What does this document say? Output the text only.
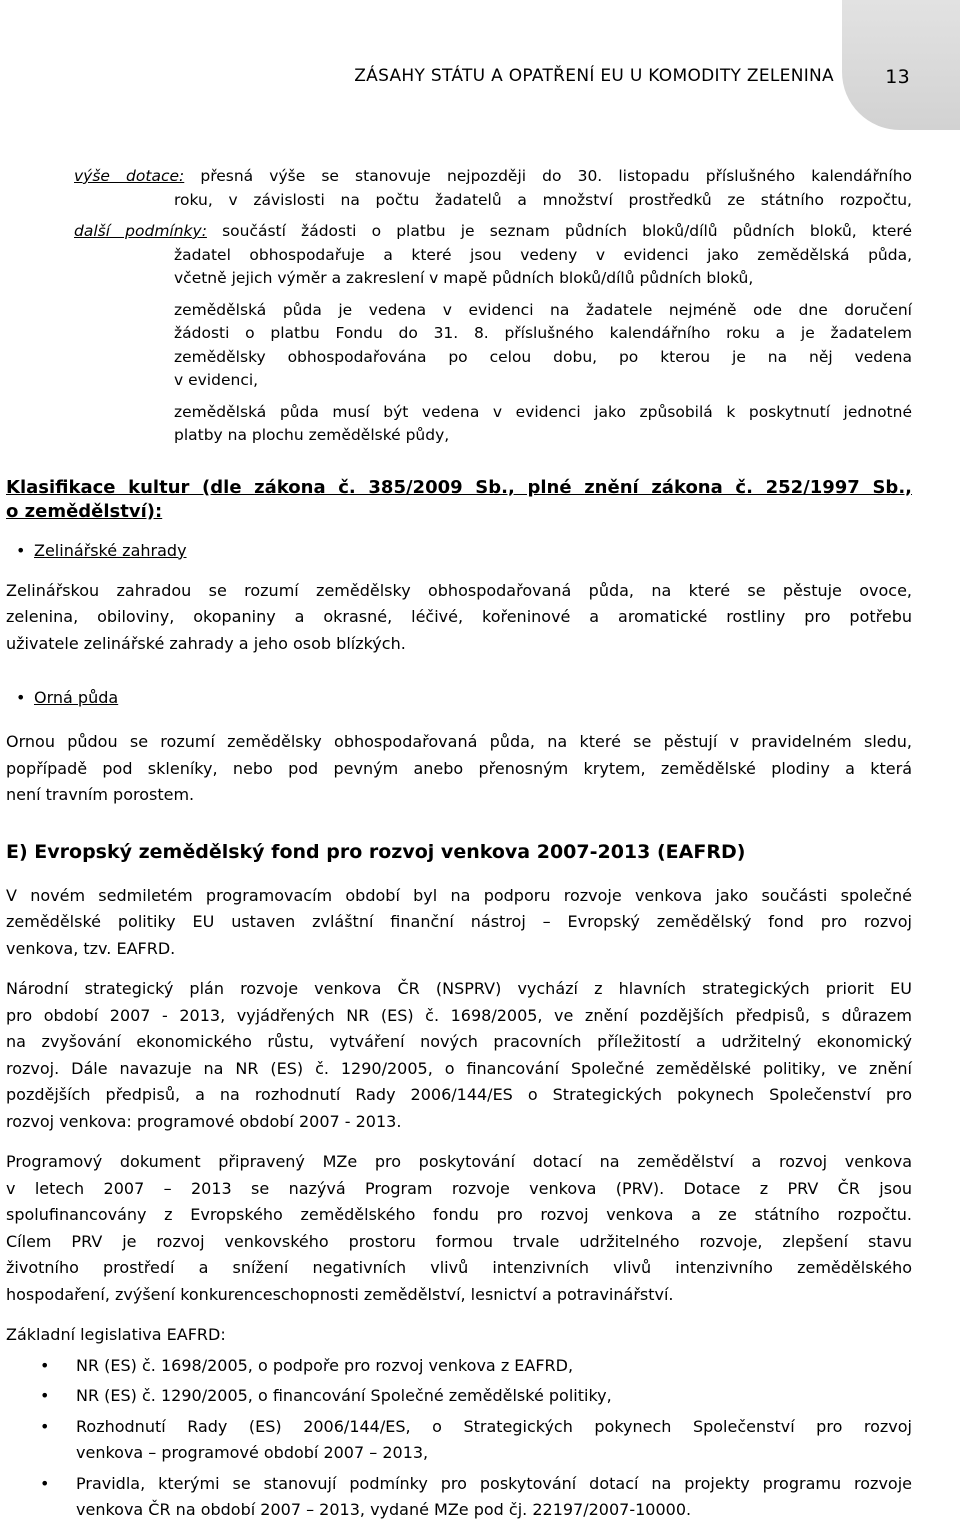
ZÁSAHY STÁTU A OPATŘENÍ EU U KOMODITY ZELENINA	13
výše dotace: přesná výše se stanovuje nejpozději do 30. listopadu příslušného kalendářního
roku, v závislosti na počtu žadatelů a množství prostředků ze státního rozpočtu,
další podmínky: součástí žádosti o platbu je seznam půdních bloků/dílů půdních bloků, které
žadatel obhospodařuje a které jsou vedeny v evidenci jako zemědělská půda,
včetně jejich výměr a zakreslení v mapě půdních bloků/dílů půdních bloků,
zemědělská půda je vedena v evidenci na žadatele nejméně ode dne doručení
žádosti o platbu Fondu do 31. 8. příslušného kalendářního roku a je žadatelem
zemědělsky obhospodařována po celou dobu, po kterou je na něj vedena
v evidenci,
zemědělská půda musí být vedena v evidenci jako způsobilá k poskytnutí jednotné
platby na plochu zemědělské půdy,
Klasifikace kultur (dle zákona č. 385/2009 Sb., plné znění zákona č. 252/1997 Sb.,
o zemědělství):
• Zelinářské zahrady
Zelinářskou zahradou se rozumí zemědělsky obhospodařovaná půda, na které se pěstuje ovoce,
zelenina, obiloviny, okopaniny a okrasné, léčivé, kořeninové a aromatické rostliny pro potřebu
uživatele zelinářské zahrady a jeho osob blízkých.
• Orná půda
Ornou půdou se rozumí zemědělsky obhospodařovaná půda, na které se pěstují v pravidelném sledu,
popřípadě pod skleníky, nebo pod pevným anebo přenosným krytem, zemědělské plodiny a která
není travním porostem.
E) Evropský zemědělský fond pro rozvoj venkova 2007-2013 (EAFRD)
V novém sedmiletém programovacím období byl na podporu rozvoje venkova jako součásti společné
zemědělské politiky EU ustaven zvláštní finanční nástroj – Evropský zemědělský fond pro rozvoj
venkova, tzv. EAFRD.
Národní strategický plán rozvoje venkova ČR (NSPRV) vychází z hlavních strategických priorit EU
pro období 2007 - 2013, vyjádřených NR (ES) č. 1698/2005, ve znění pozdějších předpisů, s důrazem
na zvyšování ekonomického růstu, vytváření nových pracovních příležitostí a udržitelný ekonomický
rozvoj. Dále navazuje na NR (ES) č. 1290/2005, o financování Společné zemědělské politiky, ve znění
pozdějších předpisů, a na rozhodnutí Rady 2006/144/ES o Strategických pokynech Společenství pro
rozvoj venkova: programové období 2007 - 2013.
Programový dokument připravený MZe pro poskytování dotací na zemědělství a rozvoj venkova
v letech 2007 – 2013 se nazývá Program rozvoje venkova (PRV). Dotace z PRV ČR jsou
spolufinancovány z Evropského zemědělského fondu pro rozvoj venkova a ze státního rozpočtu.
Cílem PRV je rozvoj venkovského prostoru formou trvale udržitelného rozvoje, zlepšení stavu
životního prostředí a snížení negativních vlivů intenzivních vlivů intenzivního zemědělského
hospodaření, zvýšení konkurenceschopnosti zemědělství, lesnictví a potravinářství.
Základní legislativa EAFRD:
• NR (ES) č. 1698/2005, o podpoře pro rozvoj venkova z EAFRD,
• NR (ES) č. 1290/2005, o financování Společné zemědělské politiky,
• Rozhodnutí Rady (ES) 2006/144/ES, o Strategických pokynech Společenství pro rozvoj
venkova – programové období 2007 – 2013,
• Pravidla, kterými se stanovují podmínky pro poskytování dotací na projekty programu rozvoje
venkova ČR na období 2007 – 2013, vydané MZe pod čj. 22197/2007-10000.
